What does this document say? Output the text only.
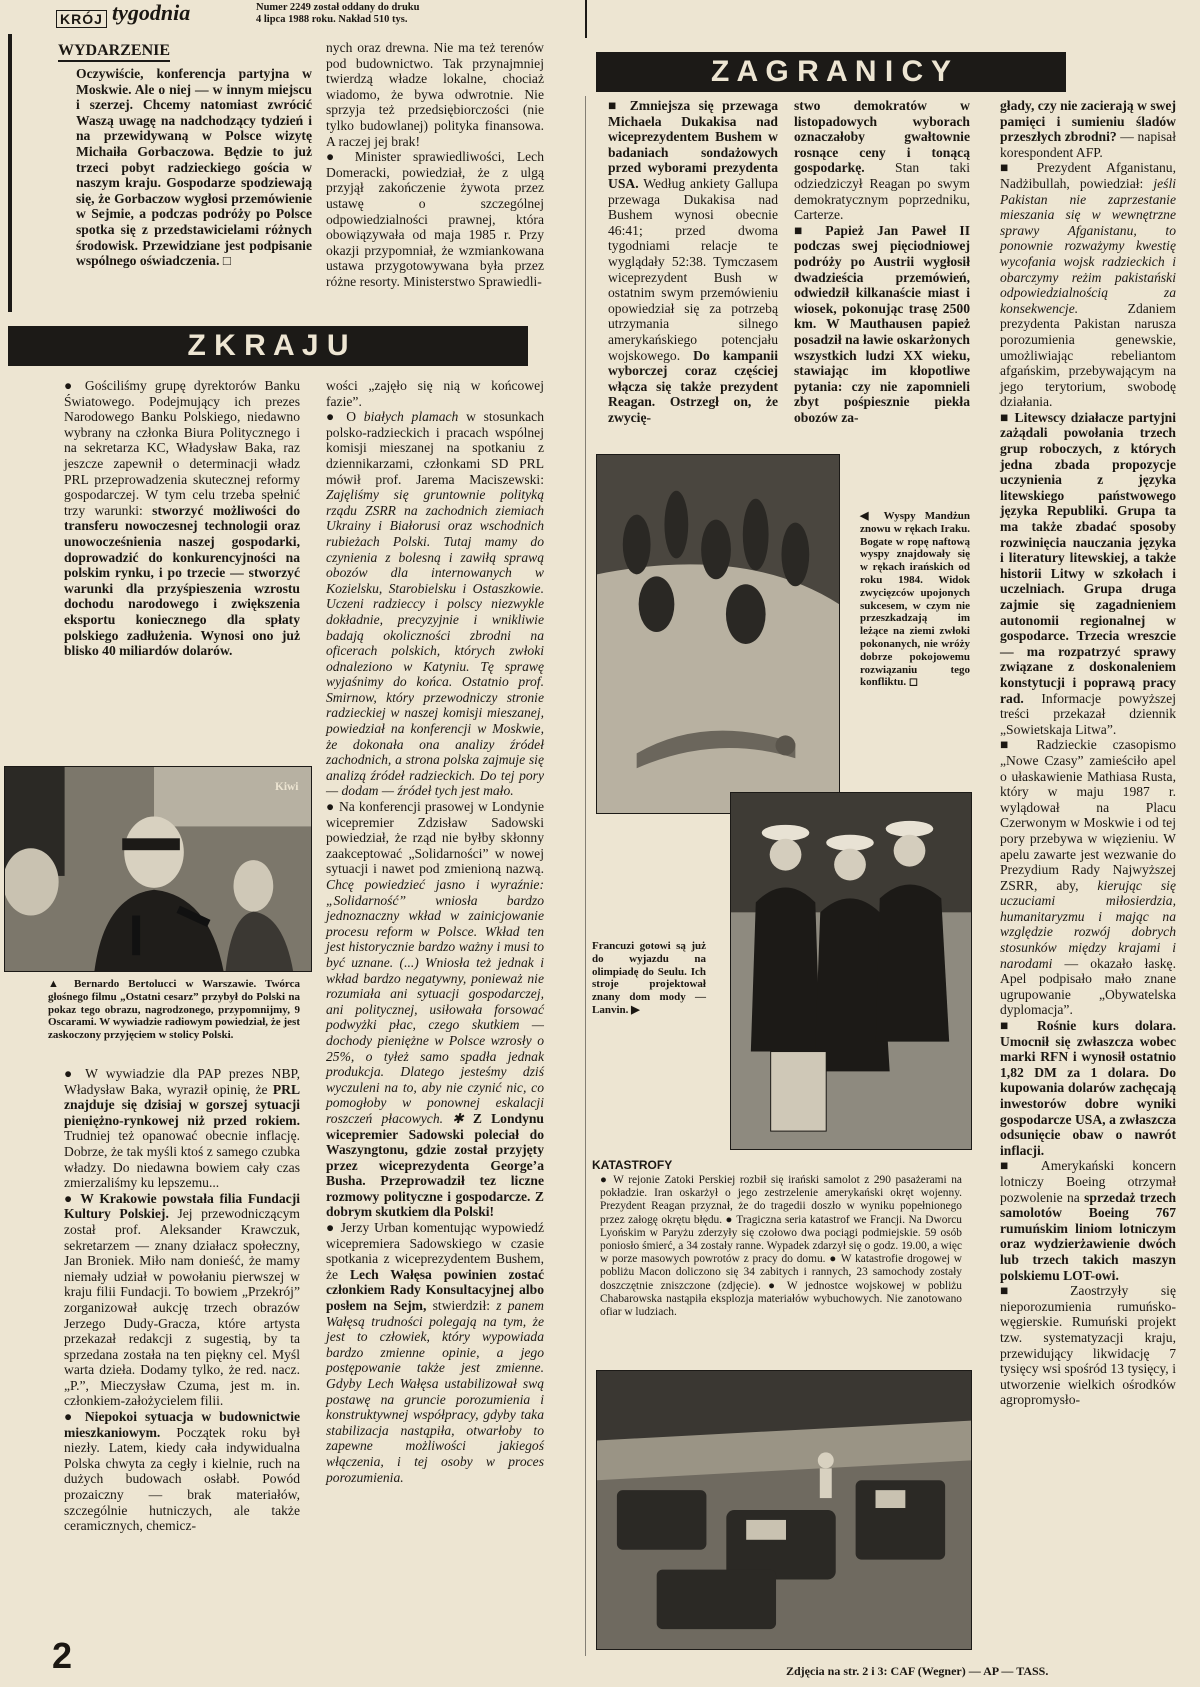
KRÓJ tygodnia	Numer 2249 został oddany do druku
4 lipca 1988 roku. Nakład 510 tys.
Z A G R A N I C Y
WYDARZENIE
Oczywiście, konferencja partyjna w Moskwie. Ale o niej — w innym miejscu i szerzej. Chcemy natomiast zwrócić Waszą uwagę na nadchodzący tydzień i na przewidywaną w Polsce wizytę Michaiła Gorbaczowa. Będzie to już trzeci pobyt radzieckiego gościa w naszym kraju. Gospodarze spodziewają się, że Gorbaczow wygłosi przemówienie w Sejmie, a podczas podróży po Polsce spotka się z przedstawicielami różnych środowisk. Przewidziane jest podpisanie wspólnego oświadczenia. □

nych oraz drewna. Nie ma też terenów pod budownictwo. Tak przynajmniej twierdzą władze lokalne, chociaż wiadomo, że bywa odwrotnie. Nie sprzyja też przedsiębiorczości (nie tylko budowlanej) polityka finansowa. A raczej jej brak!

● Minister sprawiedliwości, Lech Domeracki, powiedział, że z ulgą przyjął zakończenie żywota przez ustawę o szczególnej odpowiedzialności prawnej, która obowiązywała od maja 1985 r. Przy okazji przypomniał, że wzmiankowana ustawa przygotowywana była przez różne resorty. Ministerstwo Sprawiedli-

Z K R A J U

● Gościliśmy grupę dyrektorów Banku Światowego. Podejmujący ich prezes Narodowego Banku Polskiego, niedawno wybrany na członka Biura Politycznego i na sekretarza KC, Władysław Baka, raz jeszcze zapewnił o determinacji władz PRL przeprowadzenia skutecznej reformy gospodarczej. W tym celu trzeba spełnić trzy warunki: stworzyć możliwości do transferu nowoczesnej technologii oraz unowocześnienia naszej gospodarki, doprowadzić do konkurencyjności na polskim rynku, i po trzecie — stworzyć warunki dla przyśpieszenia wzrostu dochodu narodowego i zwiększenia eksportu koniecznego dla spłaty polskiego zadłużenia. Wynosi ono już blisko 40 miliardów dolarów.

Kiwi
▲ Bernardo Bertolucci w Warszawie. Twórca głośnego filmu „Ostatni cesarz” przybył do Polski na pokaz tego obrazu, nagrodzonego, przypomnijmy, 9 Oscarami. W wywiadzie radiowym powiedział, że jest zaskoczony przyjęciem w stolicy Polski.

● W wywiadzie dla PAP prezes NBP, Władysław Baka, wyraził opinię, że PRL znajduje się dzisiaj w gorszej sytuacji pieniężno-rynkowej niż przed rokiem. Trudniej też opanować obecnie inflację. Dobrze, że tak myśli ktoś z samego czubka władzy. Do niedawna bowiem cały czas zmierzaliśmy ku lepszemu...

● W Krakowie powstała filia Fundacji Kultury Polskiej. Jej przewodniczącym został prof. Aleksander Krawczuk, sekretarzem — znany działacz społeczny, Jan Broniek. Miło nam donieść, że mamy niemały udział w powołaniu pierwszej w kraju filii Fundacji. To bowiem „Przekrój” zorganizował aukcję trzech obrazów Jerzego Dudy-Gracza, które artysta przekazał redakcji z sugestią, by ta sprzedana została na ten piękny cel. Myśl warta dzieła. Dodamy tylko, że red. nacz. „P.”, Mieczysław Czuma, jest m. in. członkiem-założycielem filii.

● Niepokoi sytuacja w budownictwie mieszkaniowym. Początek roku był niezły. Latem, kiedy cała indywidualna Polska chwyta za cegły i kielnie, ruch na dużych budowach osłabł. Powód prozaiczny — brak materiałów, szczególnie hutniczych, ale także ceramicznych, chemicz-

wości „zajęło się nią w końcowej fazie”.

● O białych plamach w stosunkach polsko-radzieckich i pracach wspólnej komisji mieszanej na spotkaniu z dziennikarzami, członkami SD PRL mówił prof. Jarema Maciszewski: Zajęliśmy się gruntownie polityką rządu ZSRR na zachodnich ziemiach Ukrainy i Białorusi oraz wschodnich rubieżach Polski. Tutaj mamy do czynienia z bolesną i zawiłą sprawą obozów dla internowanych w Kozielsku, Starobielsku i Ostaszkowie. Uczeni radzieccy i polscy niezwykle dokładnie, precyzyjnie i wnikliwie badają okoliczności zbrodni na oficerach polskich, których zwłoki odnaleziono w Katyniu. Tę sprawę wyjaśnimy do końca. Ostatnio prof. Smirnow, który przewodniczy stronie radzieckiej w naszej komisji mieszanej, powiedział na konferencji w Moskwie, że dokonała ona analizy źródeł zachodnich, a strona polska zajmuje się analizą źródeł radzieckich. Do tej pory — dodam — źródeł tych jest mało.

● Na konferencji prasowej w Londynie wicepremier Zdzisław Sadowski powiedział, że rząd nie byłby skłonny zaakceptować „Solidarności” w nowej sytuacji i nawet pod zmienioną nazwą. Chcę powiedzieć jasno i wyraźnie: „Solidarność” wniosła bardzo jednoznaczny wkład w zainicjowanie procesu reform w Polsce. Wkład ten jest historycznie bardzo ważny i musi to być uznane. (...) Wniosła też jednak i wkład bardzo negatywny, ponieważ nie rozumiała ani sytuacji gospodarczej, ani politycznej, usiłowała forsować podwyżki płac, czego skutkiem — dochody pieniężne w Polsce wzrosły o 25%, o tyłeż samo spadła jednak produkcja. Dlatego jesteśmy dziś wyczuleni na to, aby nie czynić nic, co pomogłoby w ponownej eskalacji roszczeń płacowych. ✱ Z Londynu wicepremier Sadowski poleciał do Waszyngtonu, gdzie został przyjęty przez wiceprezydenta George’a Busha. Przeprowadził tez liczne rozmowy polityczne i gospodarcze. Z dobrym skutkiem dla Polski!

● Jerzy Urban komentując wypowiedź wicepremiera Sadowskiego w czasie spotkania z wiceprezydentem Bushem, że Lech Wałęsa powinien zostać członkiem Rady Konsultacyjnej albo posłem na Sejm, stwierdził: z panem Wałęsą trudności polegają na tym, że jest to człowiek, który wypowiada bardzo zmienne opinie, a jego postępowanie także jest zmienne. Gdyby Lech Wałęsa ustabilizował swą postawę na gruncie porozumienia i konstruktywnej współpracy, gdyby taka stabilizacja nastąpiła, otwarłoby to zapewne możliwości jakiegoś włączenia, i tej osoby w proces porozumienia.

■ Zmniejsza się przewaga Michaela Dukakisa nad wiceprezydentem Bushem w badaniach sondażowych przed wyborami prezydenta USA. Według ankiety Gallupa przewaga Dukakisa nad Bushem wynosi obecnie 46:41; przed dwoma tygodniami relacje te wyglądały 52:38. Tymczasem wiceprezydent Bush w ostatnim swym przemówieniu opowiedział się za potrzebą utrzymania silnego amerykańskiego potencjału wojskowego. Do kampanii wyborczej coraz częściej włącza się także prezydent Reagan. Ostrzegł on, że zwycię-

stwo demokratów w listopadowych wyborach oznaczałoby gwałtownie rosnące ceny i tonącą gospodarkę. Stan taki odziedziczył Reagan po swym demokratycznym poprzedniku, Carterze.

■ Papież Jan Paweł II podczas swej pięciodniowej podróży po Austrii wygłosił dwadzieścia przemówień, odwiedził kilkanaście miast i wiosek, pokonując trasę 2500 km. W Mauthausen papież posadził na ławie oskarżonych wszystkich ludzi XX wieku, stawiając im kłopotliwe pytania: czy nie zapomnieli zbyt pośpiesznie piekła obozów za-

◀ Wyspy Mandżun znowu w rękach Iraku. Bogate w ropę naftową wyspy znajdowały się w rękach irańskich od roku 1984. Widok zwycięzców upojonych sukcesem, w czym nie przeszkadzają im leżące na ziemi zwłoki pokonanych, nie wróży dobrze pokojowemu rozwiązaniu tego konfliktu. ◻
Francuzi gotowi są już do wyjazdu na olimpiadę do Seulu. Ich stroje projektował znany dom mody — Lanvin. ▶
KATASTROFY
● W rejonie Zatoki Perskiej rozbił się irański samolot z 290 pasażerami na pokładzie. Iran oskarżył o jego zestrzelenie amerykański okręt wojenny. Prezydent Reagan przyznał, że do tragedii doszło w wyniku popełnionego przez załogę okrętu błędu. ● Tragiczna seria katastrof we Francji. Na Dworcu Lyońskim w Paryżu zderzyły się czołowo dwa pociągi podmiejskie. 59 osób poniosło śmierć, a 34 zostały ranne. Wypadek zdarzył się o godz. 19.00, a więc w porze masowych powrotów z pracy do domu. ● W katastrofie drogowej w pobliżu Macon doliczono się 34 zabitych i rannych, 23 samochody zostały doszczętnie zniszczone (zdjęcie). ● W jednostce wojskowej w pobliżu Chabarowska nastąpiła eksplozja materiałów wybuchowych. Nie zanotowano ofiar w ludziach.

głady, czy nie zacierają w swej pamięci i sumieniu śladów przeszłych zbrodni? — napisał korespondent AFP.

■ Prezydent Afganistanu, Nadżibullah, powiedział: jeśli Pakistan nie zaprzestanie mieszania się w wewnętrzne sprawy Afganistanu, to ponownie rozważymy kwestię wycofania wojsk radzieckich i obarczymy reżim pakistański odpowiedzialnością za konsekwencje.	Zdaniem prezydenta Pakistan narusza porozumienia genewskie, umożliwiając rebeliantom afgańskim, przebywającym na jego terytorium, swobodę działania.

■ Litewscy działacze partyjni zażądali powołania trzech grup roboczych, z których jedna zbada propozycje uczynienia z języka litewskiego państwowego języka Republiki. Grupa ta ma także zbadać sposoby rozwinięcia nauczania języka i literatury litewskiej, a także historii Litwy w szkołach i uczelniach. Grupa druga zajmie się zagadnieniem autonomii regionalnej w gospodarce. Trzecia wreszcie — ma rozpatrzyć sprawy związane z doskonaleniem konstytucji i poprawą pracy rad. Informacje powyższej treści przekazał dziennik „Sowietskaja Litwa”.

■ Radzieckie czasopismo „Nowe Czasy” zamieściło apel o ułaskawienie Mathiasa Rusta, który w maju 1987 r. wylądował na Placu Czerwonym w Moskwie i od tej pory przebywa w więzieniu. W apelu zawarte jest wezwanie do Prezydium Rady Najwyższej ZSRR, aby, kierując się uczuciami miłosierdzia, humanitaryzmu i mając na względzie rozwój dobrych stosunków między krajami i narodami — okazało łaskę. Apel podpisało mało znane ugrupowanie „Obywatelska dyplomacja”.

■ Rośnie kurs dolara. Umocnił się zwłaszcza wobec marki RFN i wynosił ostatnio 1,82 DM za 1 dolara. Do kupowania dolarów zachęcają inwestorów dobre wyniki gospodarcze USA, a zwłaszcza odsunięcie obaw o nawrót inflacji.

■ Amerykański koncern lotniczy Boeing otrzymał pozwolenie na sprzedaż trzech samolotów Boeing 767 rumuńskim liniom lotniczym oraz wydzierżawienie dwóch lub trzech takich maszyn polskiemu LOT-owi.

■ Zaostrzyły się nieporozumienia rumuńsko-węgierskie. Rumuński projekt tzw. systematyzacji kraju, przewidujący likwidację 7 tysięcy wsi spośród 13 tysięcy, i utworzenie wielkich ośrodków agropromysło-

2	Zdjęcia na str. 2 i 3: CAF (Wegner) — AP — TASS.
